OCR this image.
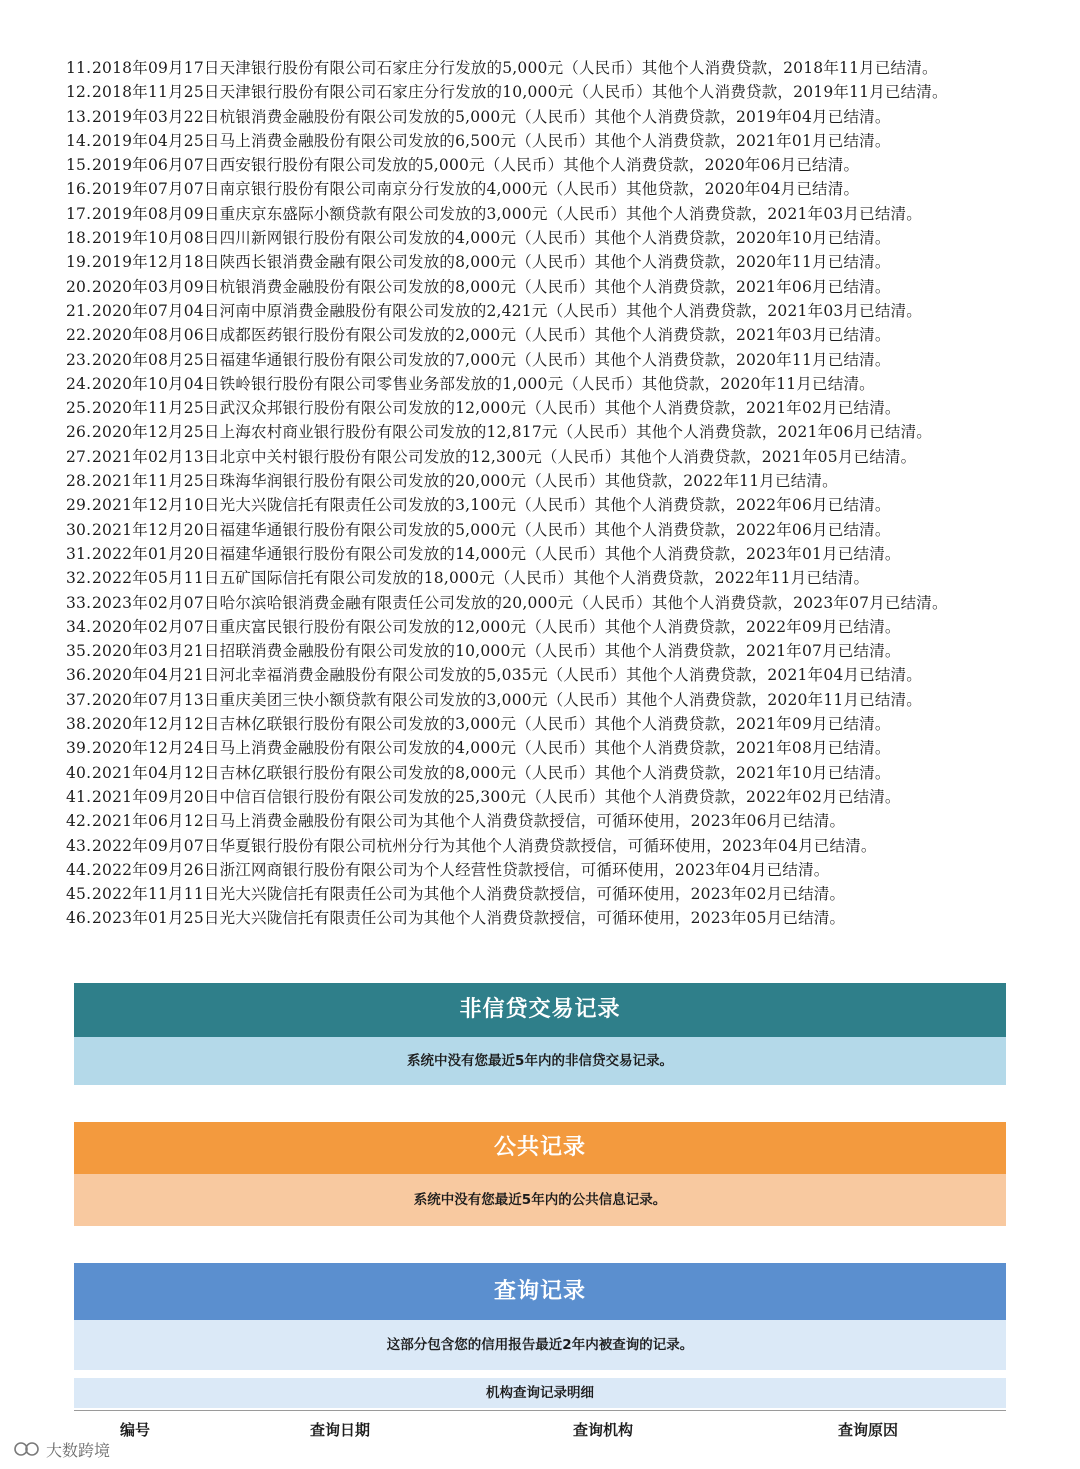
11.2018年09月17日天津银行股份有限公司石家庄分行发放的5,000元（人民币）其他个人消费贷款，2018年11月已结清。
12.2018年11月25日天津银行股份有限公司石家庄分行发放的10,000元（人民币）其他个人消费贷款，2019年11月已结清。
13.2019年03月22日杭银消费金融股份有限公司发放的5,000元（人民币）其他个人消费贷款，2019年04月已结清。
14.2019年04月25日马上消费金融股份有限公司发放的6,500元（人民币）其他个人消费贷款，2021年01月已结清。
15.2019年06月07日西安银行股份有限公司发放的5,000元（人民币）其他个人消费贷款，2020年06月已结清。
16.2019年07月07日南京银行股份有限公司南京分行发放的4,000元（人民币）其他贷款，2020年04月已结清。
17.2019年08月09日重庆京东盛际小额贷款有限公司发放的3,000元（人民币）其他个人消费贷款，2021年03月已结清。
18.2019年10月08日四川新网银行股份有限公司发放的4,000元（人民币）其他个人消费贷款，2020年10月已结清。
19.2019年12月18日陕西长银消费金融有限公司发放的8,000元（人民币）其他个人消费贷款，2020年11月已结清。
20.2020年03月09日杭银消费金融股份有限公司发放的8,000元（人民币）其他个人消费贷款，2021年06月已结清。
21.2020年07月04日河南中原消费金融股份有限公司发放的2,421元（人民币）其他个人消费贷款，2021年03月已结清。
22.2020年08月06日成都医药银行股份有限公司发放的2,000元（人民币）其他个人消费贷款，2021年03月已结清。
23.2020年08月25日福建华通银行股份有限公司发放的7,000元（人民币）其他个人消费贷款，2020年11月已结清。
24.2020年10月04日铁岭银行股份有限公司零售业务部发放的1,000元（人民币）其他贷款，2020年11月已结清。
25.2020年11月25日武汉众邦银行股份有限公司发放的12,000元（人民币）其他个人消费贷款，2021年02月已结清。
26.2020年12月25日上海农村商业银行股份有限公司发放的12,817元（人民币）其他个人消费贷款，2021年06月已结清。
27.2021年02月13日北京中关村银行股份有限公司发放的12,300元（人民币）其他个人消费贷款，2021年05月已结清。
28.2021年11月25日珠海华润银行股份有限公司发放的20,000元（人民币）其他贷款，2022年11月已结清。
29.2021年12月10日光大兴陇信托有限责任公司发放的3,100元（人民币）其他个人消费贷款，2022年06月已结清。
30.2021年12月20日福建华通银行股份有限公司发放的5,000元（人民币）其他个人消费贷款，2022年06月已结清。
31.2022年01月20日福建华通银行股份有限公司发放的14,000元（人民币）其他个人消费贷款，2023年01月已结清。
32.2022年05月11日五矿国际信托有限公司发放的18,000元（人民币）其他个人消费贷款，2022年11月已结清。
33.2023年02月07日哈尔滨哈银消费金融有限责任公司发放的20,000元（人民币）其他个人消费贷款，2023年07月已结清。
34.2020年02月07日重庆富民银行股份有限公司发放的12,000元（人民币）其他个人消费贷款，2022年09月已结清。
35.2020年03月21日招联消费金融股份有限公司发放的10,000元（人民币）其他个人消费贷款，2021年07月已结清。
36.2020年04月21日河北幸福消费金融股份有限公司发放的5,035元（人民币）其他个人消费贷款，2021年04月已结清。
37.2020年07月13日重庆美团三快小额贷款有限公司发放的3,000元（人民币）其他个人消费贷款，2020年11月已结清。
38.2020年12月12日吉林亿联银行股份有限公司发放的3,000元（人民币）其他个人消费贷款，2021年09月已结清。
39.2020年12月24日马上消费金融股份有限公司发放的4,000元（人民币）其他个人消费贷款，2021年08月已结清。
40.2021年04月12日吉林亿联银行股份有限公司发放的8,000元（人民币）其他个人消费贷款，2021年10月已结清。
41.2021年09月20日中信百信银行股份有限公司发放的25,300元（人民币）其他个人消费贷款，2022年02月已结清。
42.2021年06月12日马上消费金融股份有限公司为其他个人消费贷款授信，可循环使用，2023年06月已结清。
43.2022年09月07日华夏银行股份有限公司杭州分行为其他个人消费贷款授信，可循环使用，2023年04月已结清。
44.2022年09月26日浙江网商银行股份有限公司为个人经营性贷款授信，可循环使用，2023年04月已结清。
45.2022年11月11日光大兴陇信托有限责任公司为其他个人消费贷款授信，可循环使用，2023年02月已结清。
46.2023年01月25日光大兴陇信托有限责任公司为其他个人消费贷款授信，可循环使用，2023年05月已结清。
非信贷交易记录
系统中没有您最近5年内的非信贷交易记录。
公共记录
系统中没有您最近5年内的公共信息记录。
查询记录
这部分包含您的信用报告最近2年内被查询的记录。
机构查询记录明细
编号	查询日期	查询机构	查询原因
大数跨境
